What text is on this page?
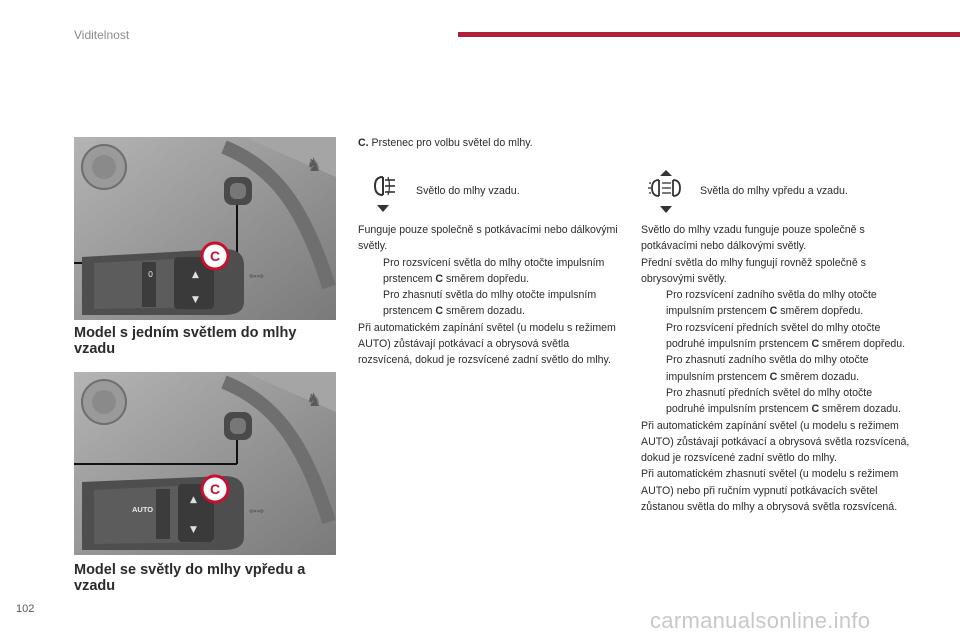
Viditelnost
♞
▲
▼
0	⇦⇨
C
Model s jedním světlem do mlhy vzadu
♞
▲
▼
AUTO	⇦⇨
C
Model se světly do mlhy vpředu a vzadu
C. Prstenec pro volbu světel do mlhy.
Světlo do mlhy vzadu.

Funguje pouze společně s potkávacími nebo dálkovými světly.

Pro rozsvícení světla do mlhy otočte impulsním prstencem C směrem dopředu.

Pro zhasnutí světla do mlhy otočte impulsním prstencem C směrem dozadu.

Při automatickém zapínání světel (u modelu s režimem AUTO) zůstávají potkávací a obrysová světla rozsvícená, dokud je rozsvícené zadní světlo do mlhy.

Světla do mlhy vpředu a vzadu.

Světlo do mlhy vzadu funguje pouze společně s potkávacími nebo dálkovými světly.

Přední světla do mlhy fungují rovněž společně s obrysovými světly.

Pro rozsvícení zadního světla do mlhy otočte impulsním prstencem C směrem dopředu.

Pro rozsvícení předních světel do mlhy otočte podruhé impulsním prstencem C směrem dopředu.

Pro zhasnutí zadního světla do mlhy otočte impulsním prstencem C směrem dozadu.

Pro zhasnutí předních světel do mlhy otočte podruhé impulsním prstencem C směrem dozadu.

Při automatickém zapínání světel (u modelu s režimem AUTO) zůstávají potkávací a obrysová světla rozsvícená, dokud je rozsvícené zadní světlo do mlhy.

Při automatickém zhasnutí světel (u modelu s režimem AUTO) nebo při ručním vypnutí potkávacích světel zůstanou světla do mlhy a obrysová světla rozsvícená.

102	carmanualsonline.info
